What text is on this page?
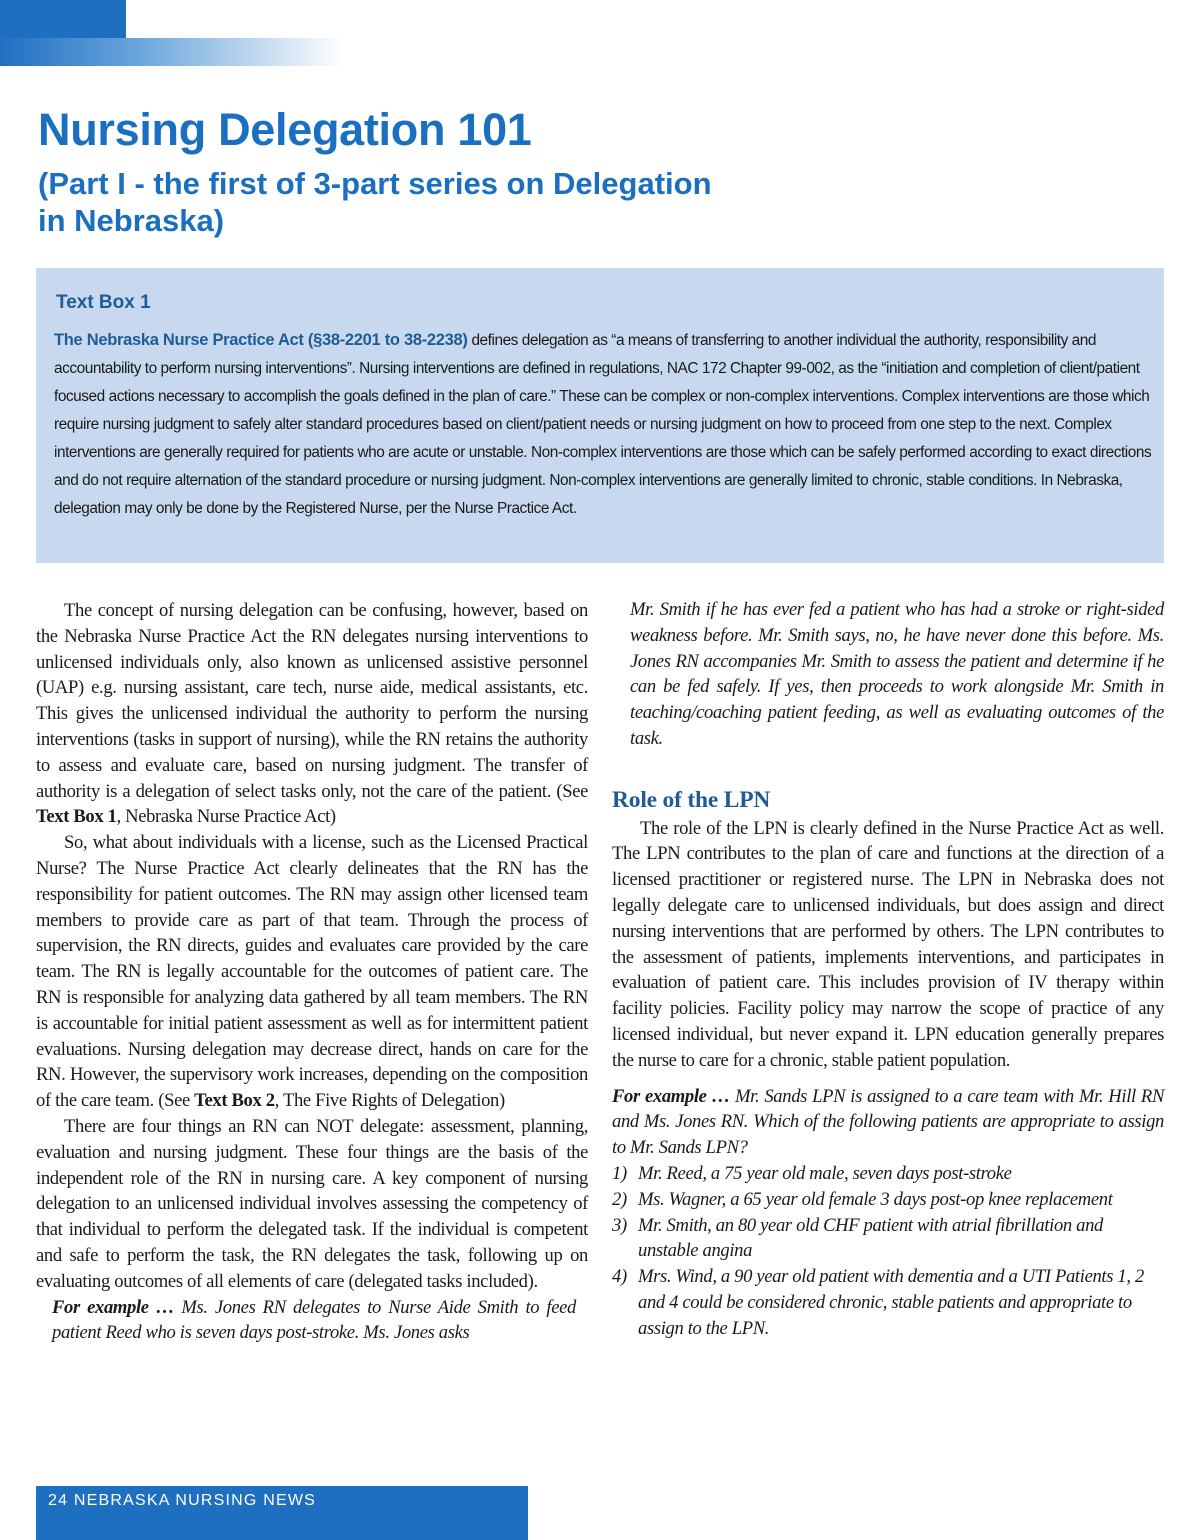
Nursing Delegation 101
(Part I - the first of 3-part series on Delegation in Nebraska)
Text Box 1

The Nebraska Nurse Practice Act (§38-2201 to 38-2238) defines delegation as “a means of transferring to another individual the authority, responsibility and accountability to perform nursing interventions”. Nursing interventions are defined in regulations, NAC 172 Chapter 99-002, as the “initiation and completion of client/patient focused actions necessary to accomplish the goals defined in the plan of care.” These can be complex or non-complex interventions. Complex interventions are those which require nursing judgment to safely alter standard procedures based on client/patient needs or nursing judgment on how to proceed from one step to the next. Complex interventions are generally required for patients who are acute or unstable. Non-complex interventions are those which can be safely performed according to exact directions and do not require alternation of the standard procedure or nursing judgment. Non-complex interventions are generally limited to chronic, stable conditions. In Nebraska, delegation may only be done by the Registered Nurse, per the Nurse Practice Act.

The concept of nursing delegation can be confusing, however, based on the Nebraska Nurse Practice Act the RN delegates nursing interventions to unlicensed individuals only, also known as unlicensed assistive personnel (UAP) e.g. nursing assistant, care tech, nurse aide, medical assistants, etc. This gives the unlicensed individual the authority to perform the nursing interventions (tasks in support of nursing), while the RN retains the authority to assess and evaluate care, based on nursing judgment. The transfer of authority is a delegation of select tasks only, not the care of the patient. (See Text Box 1, Nebraska Nurse Practice Act)

So, what about individuals with a license, such as the Licensed Practical Nurse? The Nurse Practice Act clearly delineates that the RN has the responsibility for patient outcomes. The RN may assign other licensed team members to provide care as part of that team. Through the process of supervision, the RN directs, guides and evaluates care provided by the care team. The RN is legally accountable for the outcomes of patient care. The RN is responsible for analyzing data gathered by all team members. The RN is accountable for initial patient assessment as well as for intermittent patient evaluations. Nursing delegation may decrease direct, hands on care for the RN. However, the supervisory work increases, depending on the composition of the care team. (See Text Box 2, The Five Rights of Delegation)

There are four things an RN can NOT delegate: assessment, planning, evaluation and nursing judgment. These four things are the basis of the independent role of the RN in nursing care. A key component of nursing delegation to an unlicensed individual involves assessing the competency of that individual to perform the delegated task. If the individual is competent and safe to perform the task, the RN delegates the task, following up on evaluating outcomes of all elements of care (delegated tasks included).

For example … Ms. Jones RN delegates to Nurse Aide Smith to feed patient Reed who is seven days post-stroke. Ms. Jones asks

Mr. Smith if he has ever fed a patient who has had a stroke or right-sided weakness before. Mr. Smith says, no, he have never done this before. Ms. Jones RN accompanies Mr. Smith to assess the patient and determine if he can be fed safely. If yes, then proceeds to work alongside Mr. Smith in teaching/coaching patient feeding, as well as evaluating outcomes of the task.

Role of the LPN

The role of the LPN is clearly defined in the Nurse Practice Act as well. The LPN contributes to the plan of care and functions at the direction of a licensed practitioner or registered nurse. The LPN in Nebraska does not legally delegate care to unlicensed individuals, but does assign and direct nursing interventions that are performed by others. The LPN contributes to the assessment of patients, implements interventions, and participates in evaluation of patient care. This includes provision of IV therapy within facility policies. Facility policy may narrow the scope of practice of any licensed individual, but never expand it. LPN education generally prepares the nurse to care for a chronic, stable patient population.

For example … Mr. Sands LPN is assigned to a care team with Mr. Hill RN and Ms. Jones RN. Which of the following patients are appropriate to assign to Mr. Sands LPN?

1) Mr. Reed, a 75 year old male, seven days post-stroke
2) Ms. Wagner, a 65 year old female 3 days post-op knee replacement
3) Mr. Smith, an 80 year old CHF patient with atrial fibrillation and unstable angina
4) Mrs. Wind, a 90 year old patient with dementia and a UTI Patients 1, 2 and 4 could be considered chronic, stable patients and appropriate to assign to the LPN.
24 NEBRASKA NURSING NEWS
